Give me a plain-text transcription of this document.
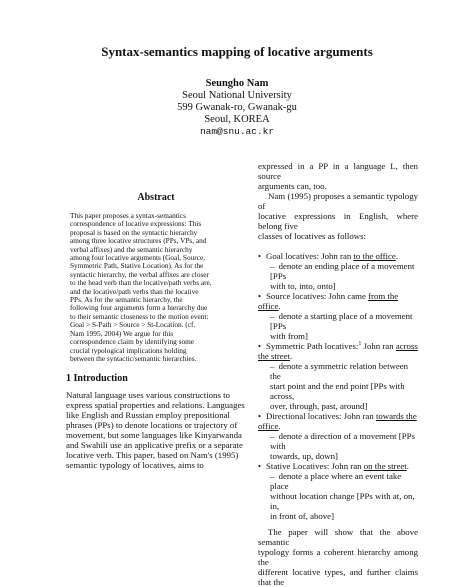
Syntax-semantics mapping of locative arguments
Seungho Nam
Seoul National University
599 Gwanak-ro, Gwanak-gu
Seoul, KOREA
nam@snu.ac.kr
Abstract
This paper proposes a syntax-semantics
correspondence of locative expressions: This
proposal is based on the syntactic hierarchy
among three locative structures (PPs, VPs, and
verbal affixes) and the semantic hierarchy
among four locative arguments (Goal, Source,
Symmetric Path, Stative Location). As for the
syntactic hierarchy, the verbal affixes are closer
to the head verb than the locative/path verbs are,
and the locative/path verbs than the locative
PPs. As for the semantic hierarchy, the
following four arguments form a hierarchy due
to their semantic closeness to the motion event:
Goal > S-Path > Source > St-Location. (cf.
Nam 1995, 2004) We argue for this
correspondence claim by identifying some
crucial typological implications holding
between the syntactic/semantic hierarchies.
1 Introduction
Natural language uses various constructions to
express spatial properties and relations. Languages
like English and Russian employ prepositional
phrases (PPs) to denote locations or trajectory of
movement, but some languages like Kinyarwanda
and Swahili use an applicative prefix or a separate
locative verb. This paper, based on Nam's (1995)
semantic typology of locatives, aims to
expressed in a PP in a language L, then source
arguments can, too.
Nam (1995) proposes a semantic typology of
locative expressions in English, where belong five
classes of locatives as follows:
• Goal locatives: John ran to the office.
– denote an ending place of a movement [PPs
with to, into, onto]
• Source locatives: John came from the office.
– denote a starting place of a movement [PPs
with from]
• Symmetric Path locatives:$^1$ John ran across the street.
– denote a symmetric relation between the
start point and the end point [PPs with across,
over, through, past, around]
• Directional locatives: John ran towards the office.
– denote a direction of a movement [PPs with
towards, up, down]
• Stative Locatives: John ran on the street.
– denote a place where an event take place
without location change [PPs with at, on, in,
in front of, above]
The paper will show that the above semantic
typology forms a coherent hierarchy among the
different locative types, and further claims that the
